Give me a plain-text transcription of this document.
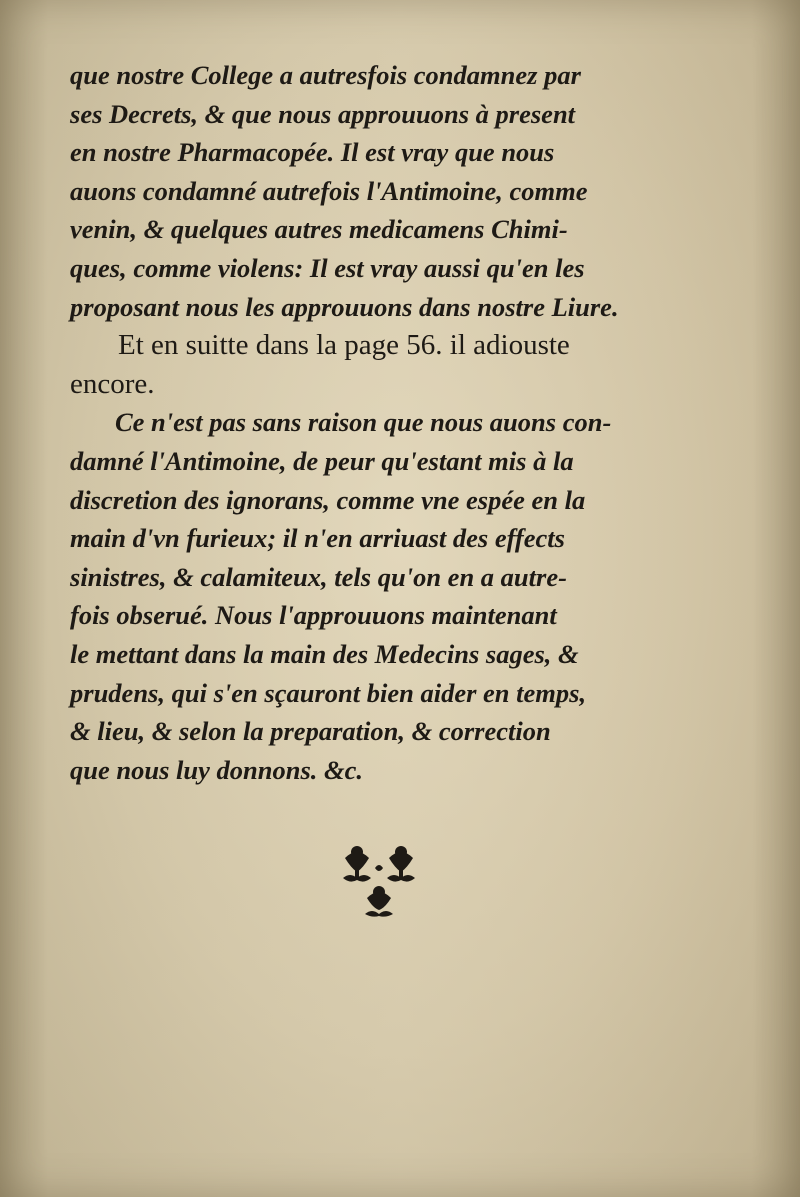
que nostre College a autresfois condamnez par
ses Decrets, & que nous approuuons à present
en nostre Pharmacopée. Il est vray que nous
auons condamné autrefois l'Antimoine, comme
venin, & quelques autres medicamens Chimi-
ques, comme violens: Il est vray aussi qu'en les
proposant nous les approuuons dans nostre Liure.
Et en suitte dans la page 56. il adiouste
encore.
Ce n'est pas sans raison que nous auons con-
damné l'Antimoine, de peur qu'estant mis à la
discretion des ignorans, comme vne espée en la
main d'vn furieux; il n'en arriuast des effects
sinistres, & calamiteux, tels qu'on en a autre-
fois obserué. Nous l'approuuons maintenant
le mettant dans la main des Medecins sages, &
prudens, qui s'en sçauront bien aider en temps,
& lieu, & selon la preparation, & correction
que nous luy donnons. &c.
